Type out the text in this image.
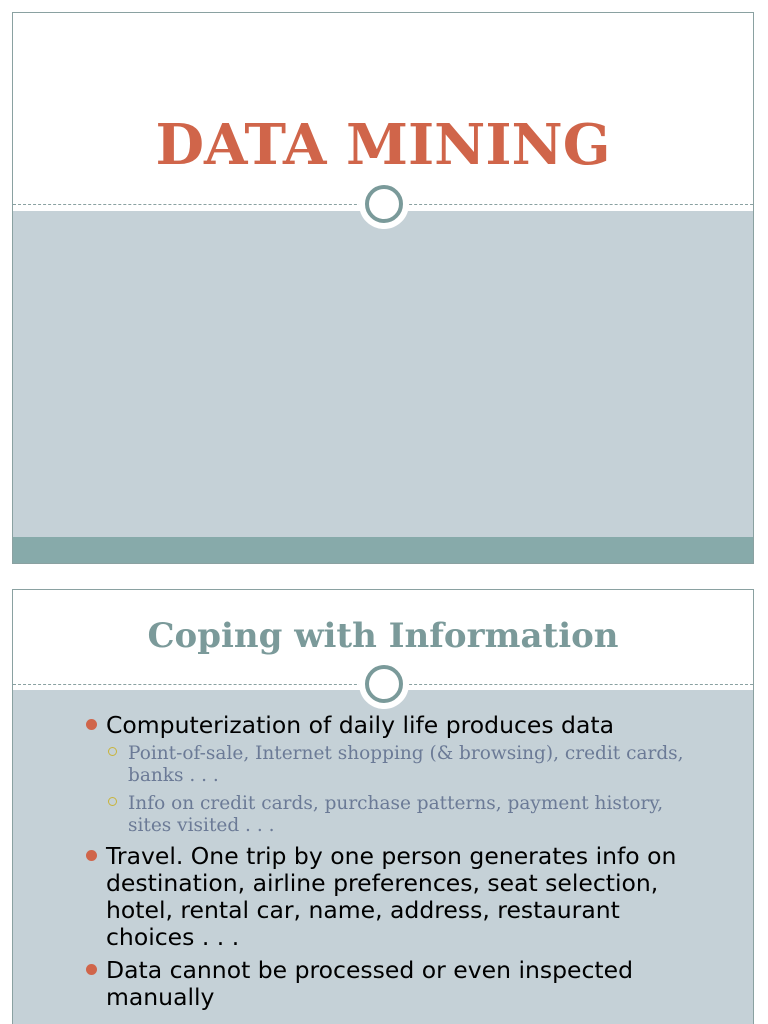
DATA MINING
Coping with Information
Computerization of daily life produces data
Point-of-sale, Internet shopping (& browsing), credit cards, banks . . .
Info on credit cards, purchase patterns, payment history, sites visited . . .
Travel. One trip by one person generates info on destination, airline preferences, seat selection, hotel, rental car, name, address, restaurant choices . . .
Data cannot be processed or even inspected manually
